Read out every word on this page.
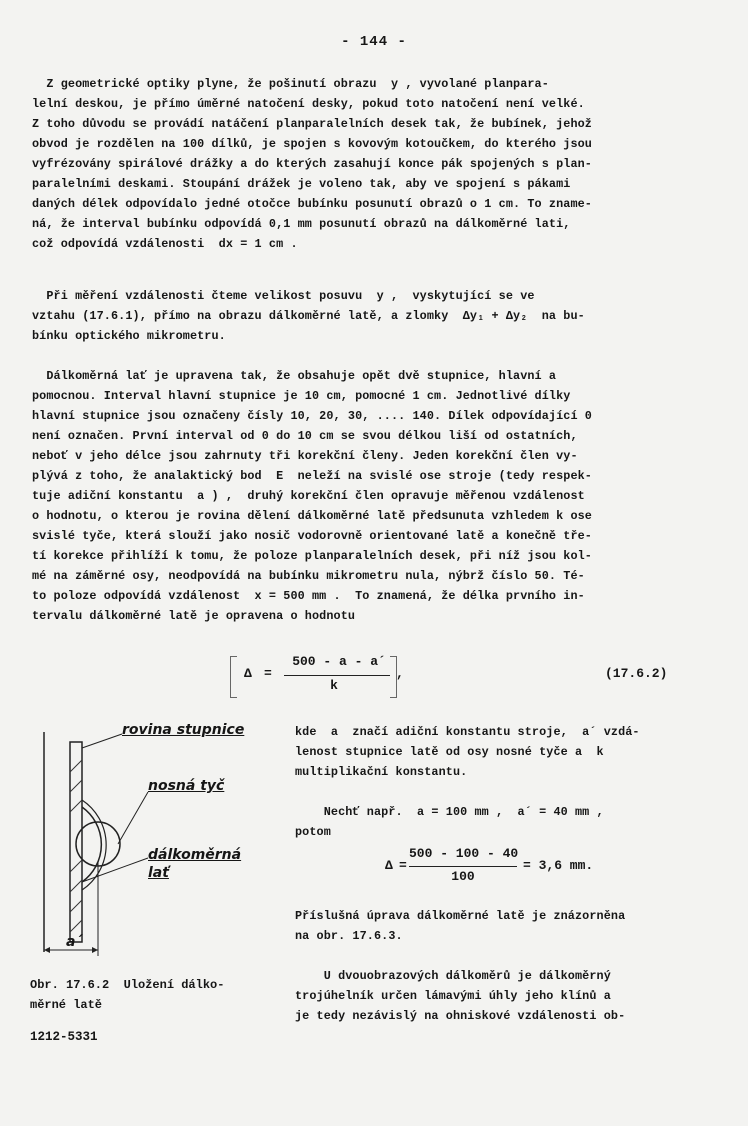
- 144 -
Z geometrické optiky plyne, že pošinutí obrazu  y , vyvolané planpara-
lelní deskou, je přímo úměrné natočení desky, pokud toto natočení není velké.
Z toho důvodu se provádí natáčení planparalelních desek tak, že bubínek, jehož
obvod je rozdělen na 100 dílků, je spojen s kovovým kotoučkem, do kterého jsou
vyfrézovány spirálové drážky a do kterých zasahují konce pák spojených s plan-
paralelními deskami. Stoupání drážek je voleno tak, aby ve spojení s pákami
daných délek odpovídalo jedné otočce bubínku posunutí obrazů o 1 cm. To zname-
ná, že interval bubínku odpovídá 0,1 mm posunutí obrazů na dálkoměrné lati,
což odpovídá vzdálenosti  dx = 1 cm .
Při měření vzdálenosti čteme velikost posuvu  y ,  vyskytující se ve
vztahu (17.6.1), přímo na obrazu dálkoměrné latě, a zlomky  Δy₁ + Δy₂  na bu-
bínku optického mikrometru.
Dálkoměrná lať je upravena tak, že obsahuje opět dvě stupnice, hlavní a
pomocnou. Interval hlavní stupnice je 10 cm, pomocné 1 cm. Jednotlivé dílky
hlavní stupnice jsou označeny čísly 10, 20, 30, .... 140. Dílek odpovídající 0
není označen. První interval od 0 do 10 cm se svou délkou liší od ostatních,
neboť v jeho délce jsou zahrnuty tři korekční členy. Jeden korekční člen vy-
plývá z toho, že analaktický bod  E  neleží na svislé ose stroje (tedy respek-
tuje adiční konstantu  a ) ,  druhý korekční člen opravuje měřenou vzdálenost
o hodnotu, o kterou je rovina dělení dálkoměrné latě předsunuta vzhledem k ose
svislé tyče, která slouží jako nosič vodorovně orientované latě a konečně tře-
tí korekce přihlíží k tomu, že poloze planparalelních desek, při níž jsou kol-
mé na záměrné osy, neodpovídá na bubínku mikrometru nula, nýbrž číslo 50. Té-
to poloze odpovídá vzdálenost  x = 500 mm .  To znamená, že délka prvního in-
tervalu dálkoměrné latě je opravena o hodnotu
Δ =
500 - a - a´
k
,	(17.6.2)
rovina stupnice
nosná tyč
dálkoměrná
lať
a´
Obr. 17.6.2  Uložení dálko-
měrné latě
1212-5331
kde  a  značí adiční konstantu stroje,  a´ vzdá-
lenost stupnice latě od osy nosné tyče a  k
multiplikační konstantu.
Nechť např.  a = 100 mm ,  a´ = 40 mm ,
potom
Δ =
500 - 100 - 40
100
= 3,6 mm.
Příslušná úprava dálkoměrné latě je znázorněna
na obr. 17.6.3.
U dvouobrazových dálkoměrů je dálkoměrný
trojúhelník určen lámavými úhly jeho klínů a
je tedy nezávislý na ohniskové vzdálenosti ob-
